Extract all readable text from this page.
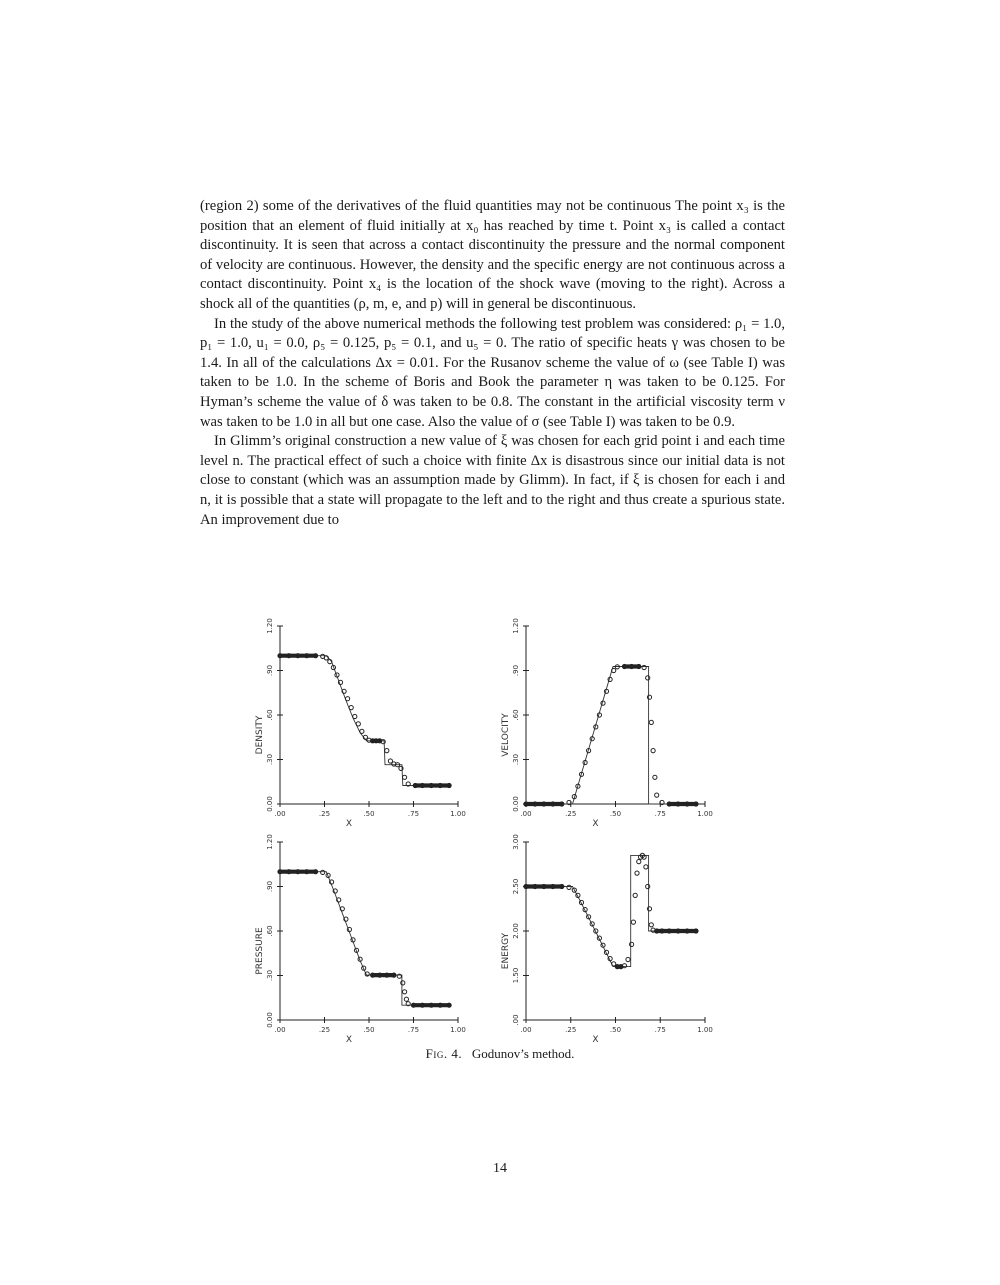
(region 2) some of the derivatives of the fluid quantities may not be continuous The point x₃ is the position that an element of fluid initially at x₀ has reached by time t. Point x₃ is called a contact discontinuity. It is seen that across a contact discontinuity the pressure and the normal component of velocity are continuous. However, the density and the specific energy are not continuous across a contact discontinuity. Point x₄ is the location of the shock wave (moving to the right). Across a shock all of the quantities (ρ, m, e, and p) will in general be discontinuous.

In the study of the above numerical methods the following test problem was considered: ρ₁ = 1.0, p₁ = 1.0, u₁ = 0.0, ρ₅ = 0.125, p₅ = 0.1, and u₅ = 0. The ratio of specific heats γ was chosen to be 1.4. In all of the calculations Δx = 0.01. For the Rusanov scheme the value of ω (see Table I) was taken to be 1.0. In the scheme of Boris and Book the parameter η was taken to be 0.125. For Hyman’s scheme the value of δ was taken to be 0.8. The constant in the artificial viscosity term ν was taken to be 1.0 in all but one case. Also the value of σ (see Table I) was taken to be 0.9.

In Glimm’s original construction a new value of ξ was chosen for each grid point i and each time level n. The practical effect of such a choice with finite Δx is disastrous since our initial data is not close to constant (which was an assumption made by Glimm). In fact, if ξ is chosen for each i and n, it is possible that a state will propagate to the left and to the right and thus create a spurious state. An improvement due to

.00	.25	.50	.75	1.00
X
0.00
.30
.60
.90
1.20
DENSITY
.00	.25	.50	.75	1.00
X
0.00
.30
.60
.90
1.20
VELOCITY
.00	.25	.50	.75	1.00
X
0.00
.30
.60
.90
1.20
PRESSURE
.00	.25	.50	.75	1.00
X
.00
1.50
2.00
2.50
3.00
ENERGY
Fig. 4. Godunov’s method.
14
